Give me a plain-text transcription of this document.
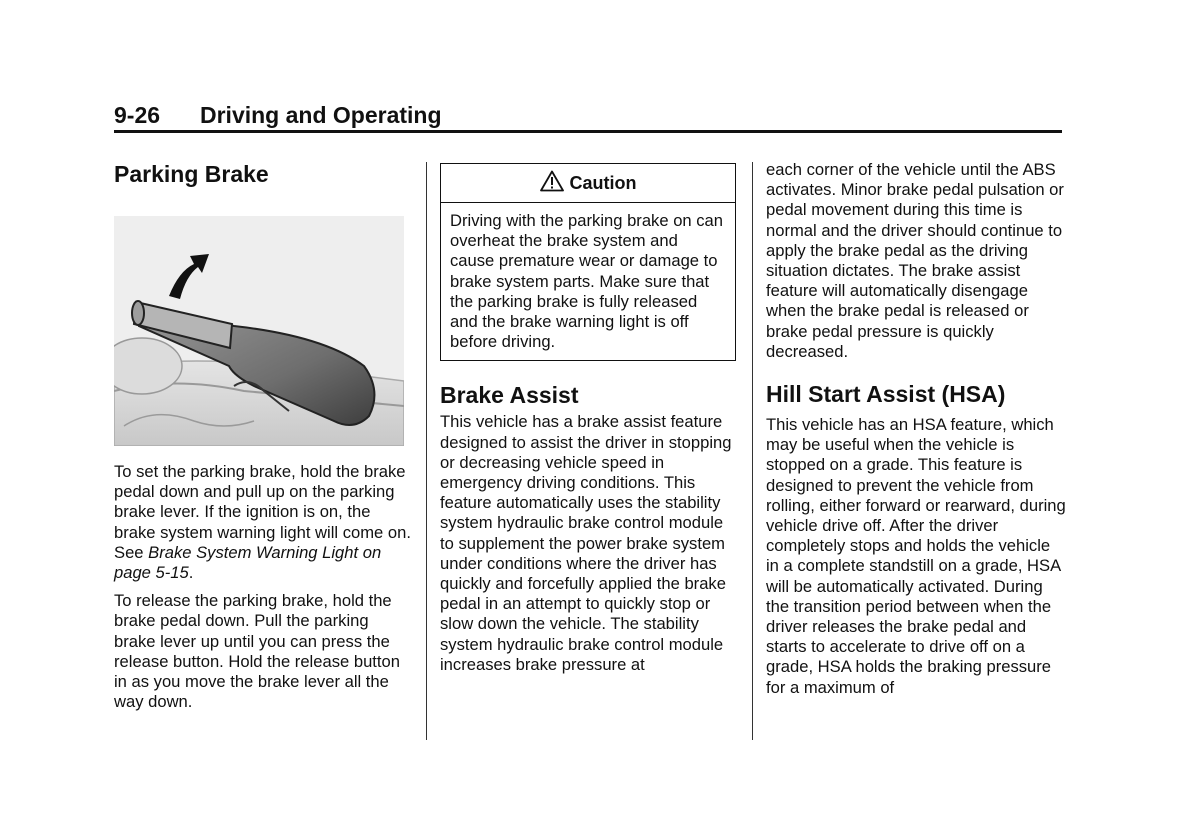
9-26 Driving and Operating
Parking Brake

To set the parking brake, hold the brake pedal down and pull up on the parking brake lever. If the ignition is on, the brake system warning light will come on. See Brake System Warning Light on page 5-15.

To release the parking brake, hold the brake pedal down. Pull the parking brake lever up until you can press the release button. Hold the release button in as you move the brake lever all the way down.

Caution

Driving with the parking brake on can overheat the brake system and cause premature wear or damage to brake system parts. Make sure that the parking brake is fully released and the brake warning light is off before driving.

Brake Assist

This vehicle has a brake assist feature designed to assist the driver in stopping or decreasing vehicle speed in emergency driving conditions. This feature automatically uses the stability system hydraulic brake control module to supplement the power brake system under conditions where the driver has quickly and forcefully applied the brake pedal in an attempt to quickly stop or slow down the vehicle. The stability system hydraulic brake control module increases brake pressure at

each corner of the vehicle until the ABS activates. Minor brake pedal pulsation or pedal movement during this time is normal and the driver should continue to apply the brake pedal as the driving situation dictates. The brake assist feature will automatically disengage when the brake pedal is released or brake pedal pressure is quickly decreased.

Hill Start Assist (HSA)

This vehicle has an HSA feature, which may be useful when the vehicle is stopped on a grade. This feature is designed to prevent the vehicle from rolling, either forward or rearward, during vehicle drive off. After the driver completely stops and holds the vehicle in a complete standstill on a grade, HSA will be automatically activated. During the transition period between when the driver releases the brake pedal and starts to accelerate to drive off on a grade, HSA holds the braking pressure for a maximum of
